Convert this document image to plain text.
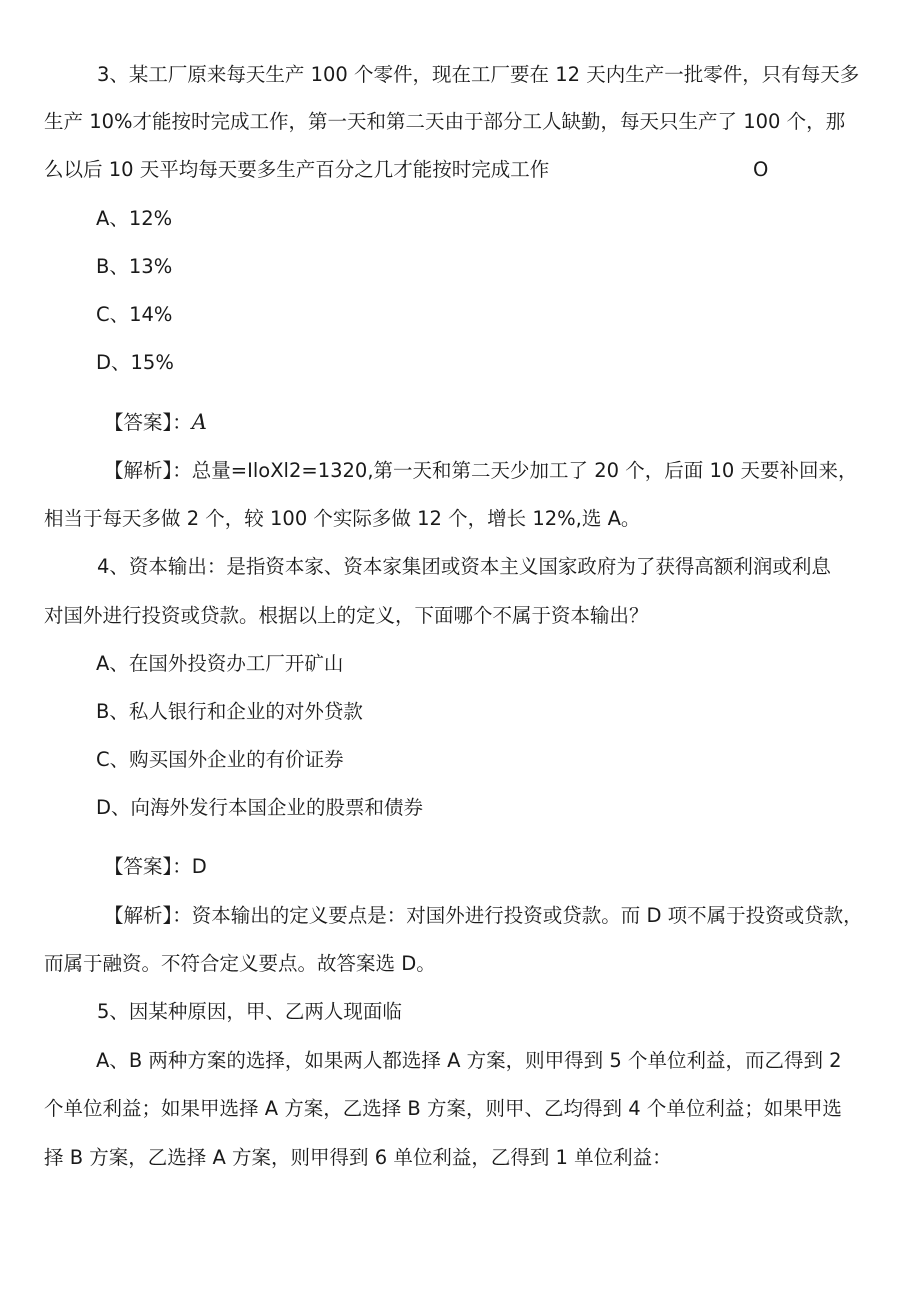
3、某工厂原来每天生产 100 个零件，现在工厂要在 12 天内生产一批零件，只有每天多
生产 10%才能按时完成工作，第一天和第二天由于部分工人缺勤，每天只生产了 100 个，那
么以后 10 天平均每天要多生产百分之几才能按时完成工作	O
A、12%
B、13%
C、14%
D、15%
【答案】：A
【解析】：总量=IloXl2=1320,第一天和第二天少加工了 20 个，后面 10 天要补回来，
相当于每天多做 2 个，较 100 个实际多做 12 个，增长 12%,选 A。
4、资本输出：是指资本家、资本家集团或资本主义国家政府为了获得高额利润或利息
对国外进行投资或贷款。根据以上的定义，下面哪个不属于资本输出？
A、在国外投资办工厂开矿山
B、私人银行和企业的对外贷款
C、购买国外企业的有价证券
D、向海外发行本国企业的股票和债券
【答案】：D
【解析】：资本输出的定义要点是：对国外进行投资或贷款。而 D 项不属于投资或贷款，
而属于融资。不符合定义要点。故答案选 D。
5、因某种原因，甲、乙两人现面临
A、B 两种方案的选择，如果两人都选择 A 方案，则甲得到 5 个单位利益，而乙得到 2
个单位利益；如果甲选择 A 方案，乙选择 B 方案，则甲、乙均得到 4 个单位利益；如果甲选
择 B 方案，乙选择 A 方案，则甲得到 6 单位利益，乙得到 1 单位利益：
